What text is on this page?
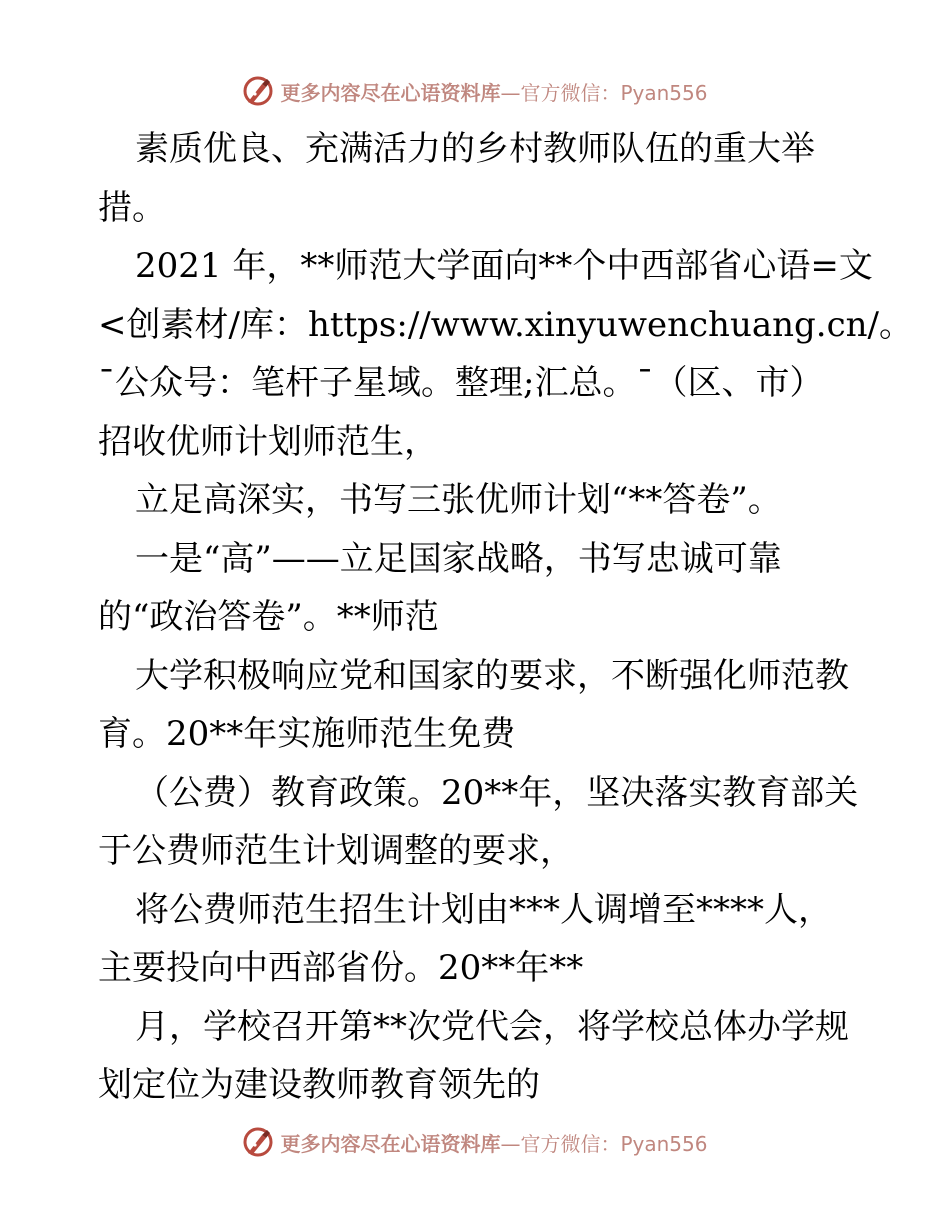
更多内容尽在心语资料库—官方微信：Pyan556
素质优良、充满活力的乡村教师队伍的重大举
措。
2021 年，**师范大学面向**个中西部省心语=文
<创素材/库：https://www.xinyuwenchuang.cn/。
¯公众号：笔杆子星域。整理;汇总。¯（区、市）
招收优师计划师范生，
立足高深实，书写三张优师计划“**答卷”。
一是“高”——立足国家战略，书写忠诚可靠
的“政治答卷”。**师范
大学积极响应党和国家的要求，不断强化师范教
育。20**年实施师范生免费
（公费）教育政策。20**年，坚决落实教育部关
于公费师范生计划调整的要求，
将公费师范生招生计划由***人调增至****人，
主要投向中西部省份。20**年**
月，学校召开第**次党代会，将学校总体办学规
划定位为建设教师教育领先的
更多内容尽在心语资料库—官方微信：Pyan556
